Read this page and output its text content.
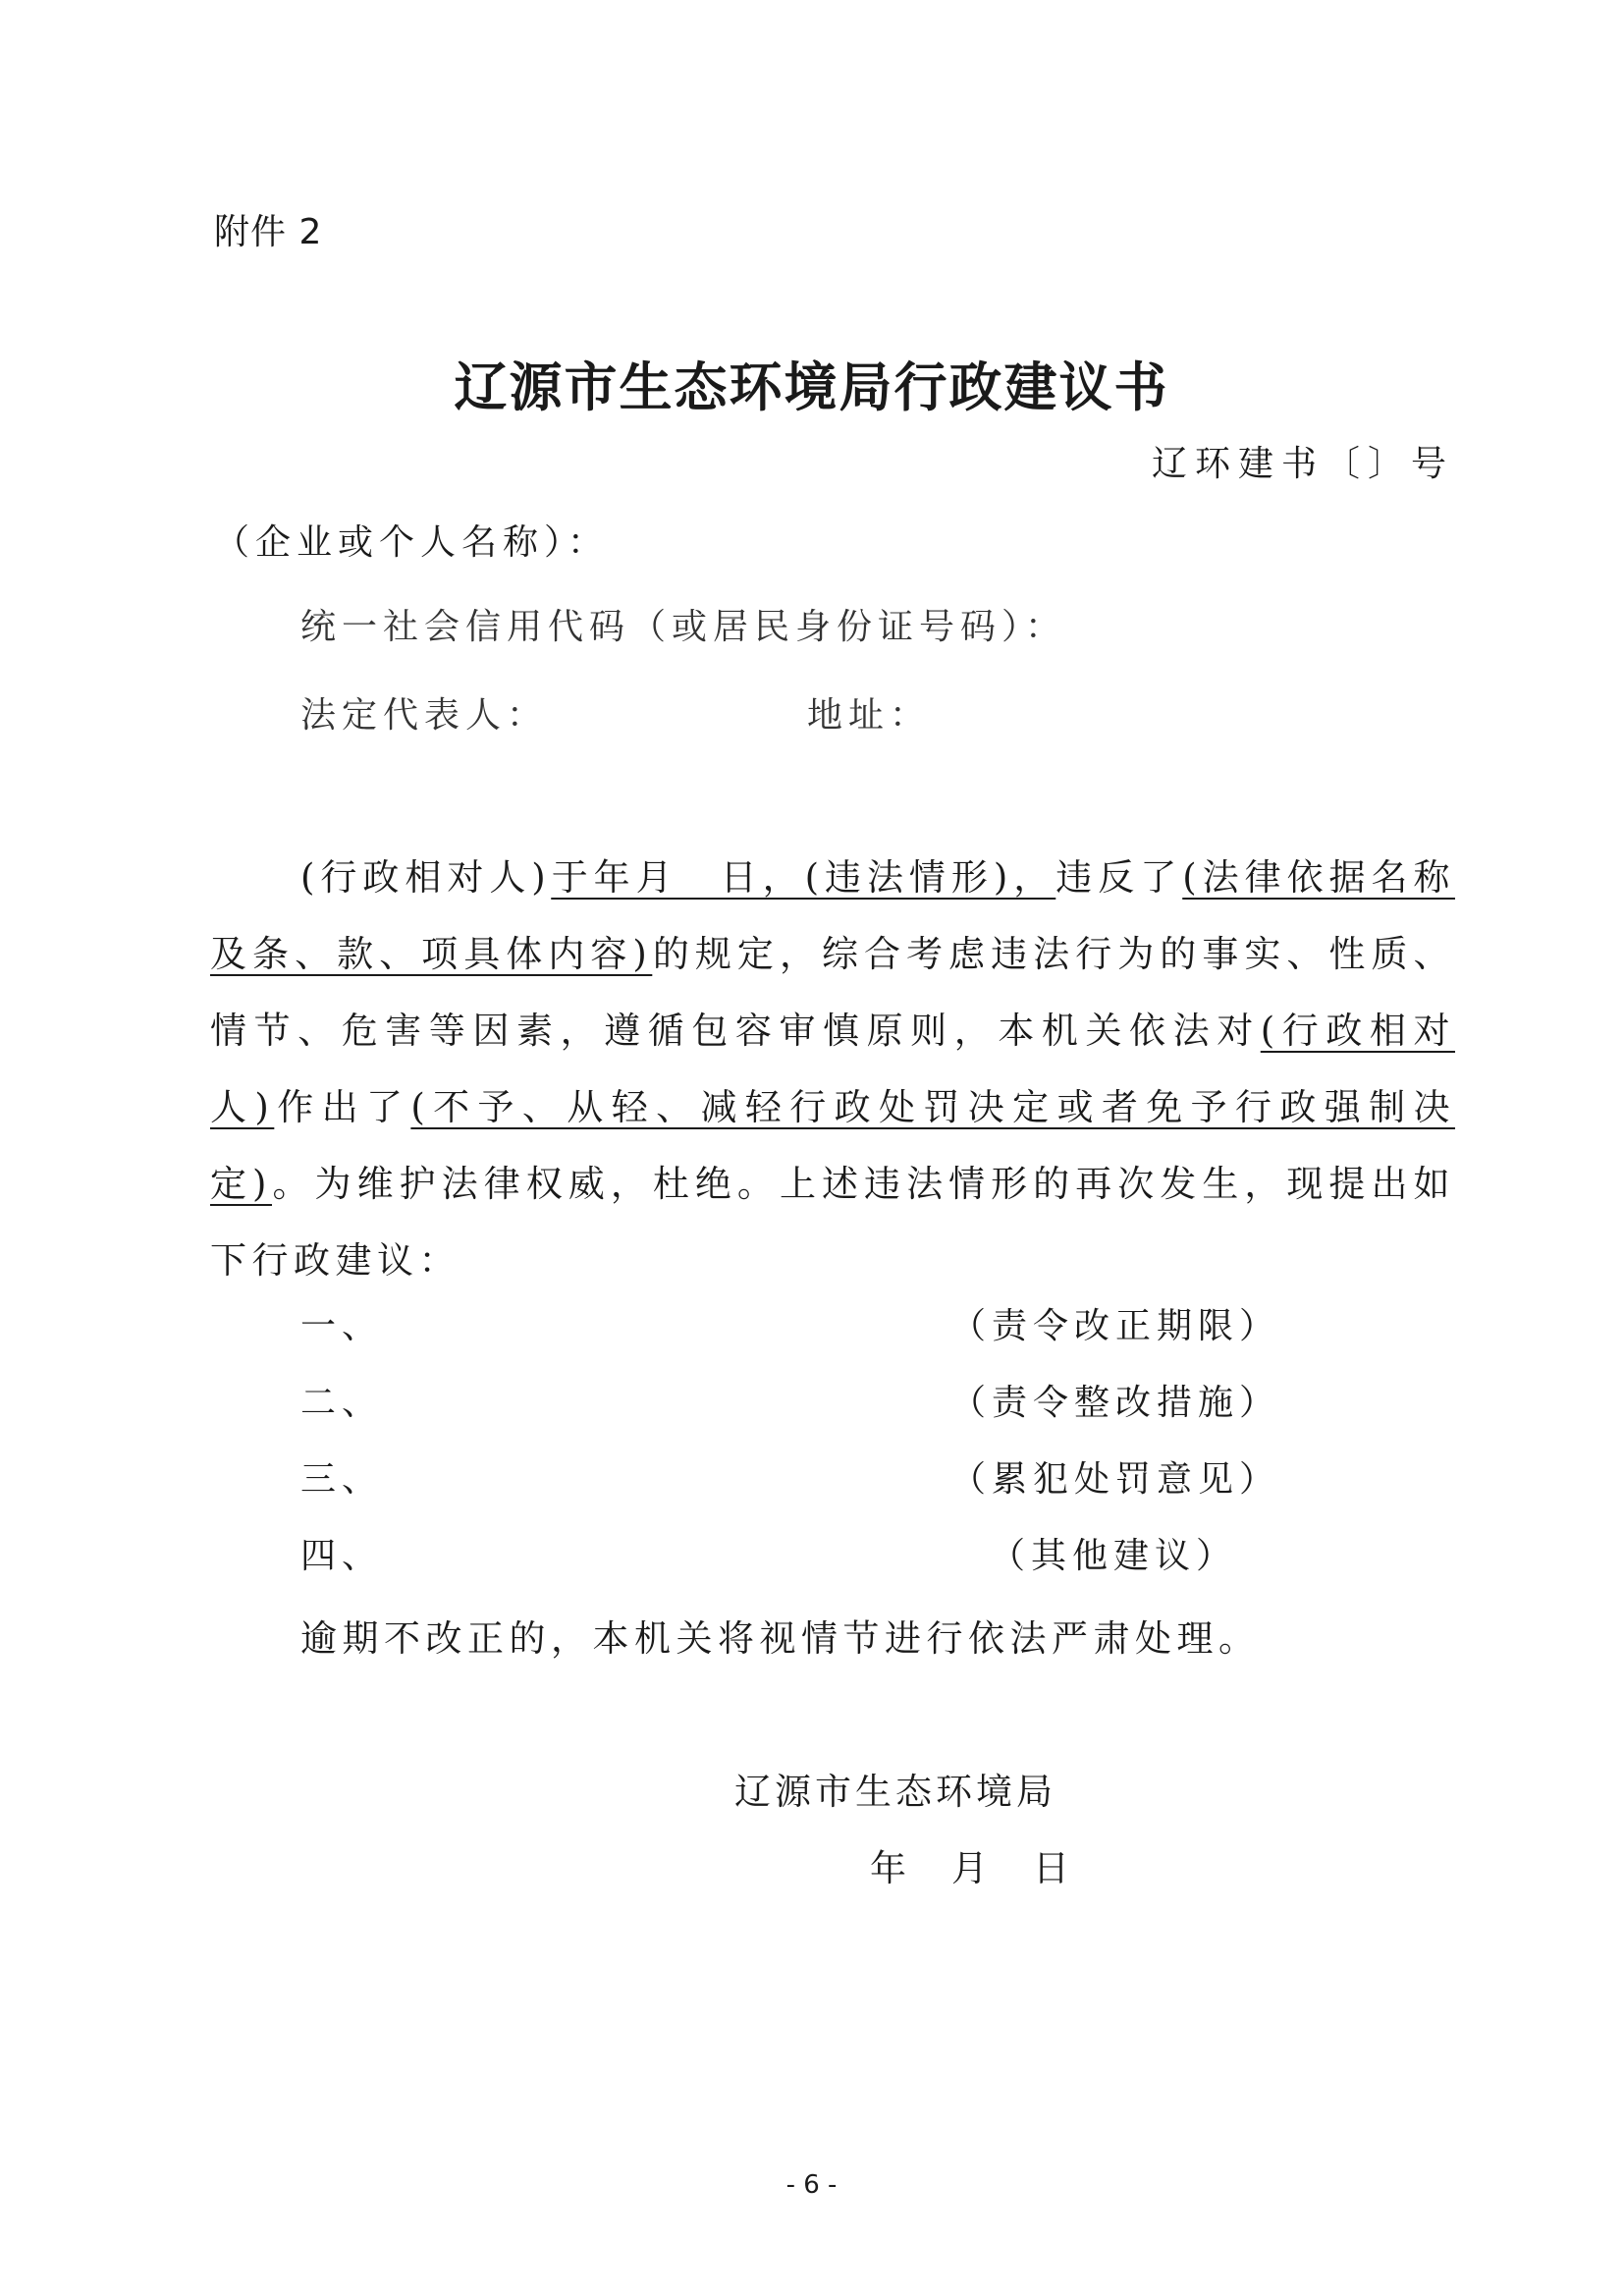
附件 2
辽源市生态环境局行政建议书
辽环建书〔〕号
（企业或个人名称）：
统一社会信用代码（或居民身份证号码）：
法定代表人：	地址：
(行政相对人)于年月　日，(违法情形)，违反了(法律依据名称及条、款、项具体内容)的规定，综合考虑违法行为的事实、性质、情节、危害等因素，遵循包容审慎原则，本机关依法对(行政相对人)作出了(不予、从轻、减轻行政处罚决定或者免予行政强制决定)。为维护法律权威，杜绝。上述违法情形的再次发生，现提出如下行政建议：
一、	（责令改正期限）
二、	（责令整改措施）
三、	（累犯处罚意见）
四、	（其他建议）
逾期不改正的，本机关将视情节进行依法严肃处理。
辽源市生态环境局
年 月 日
- 6 -
